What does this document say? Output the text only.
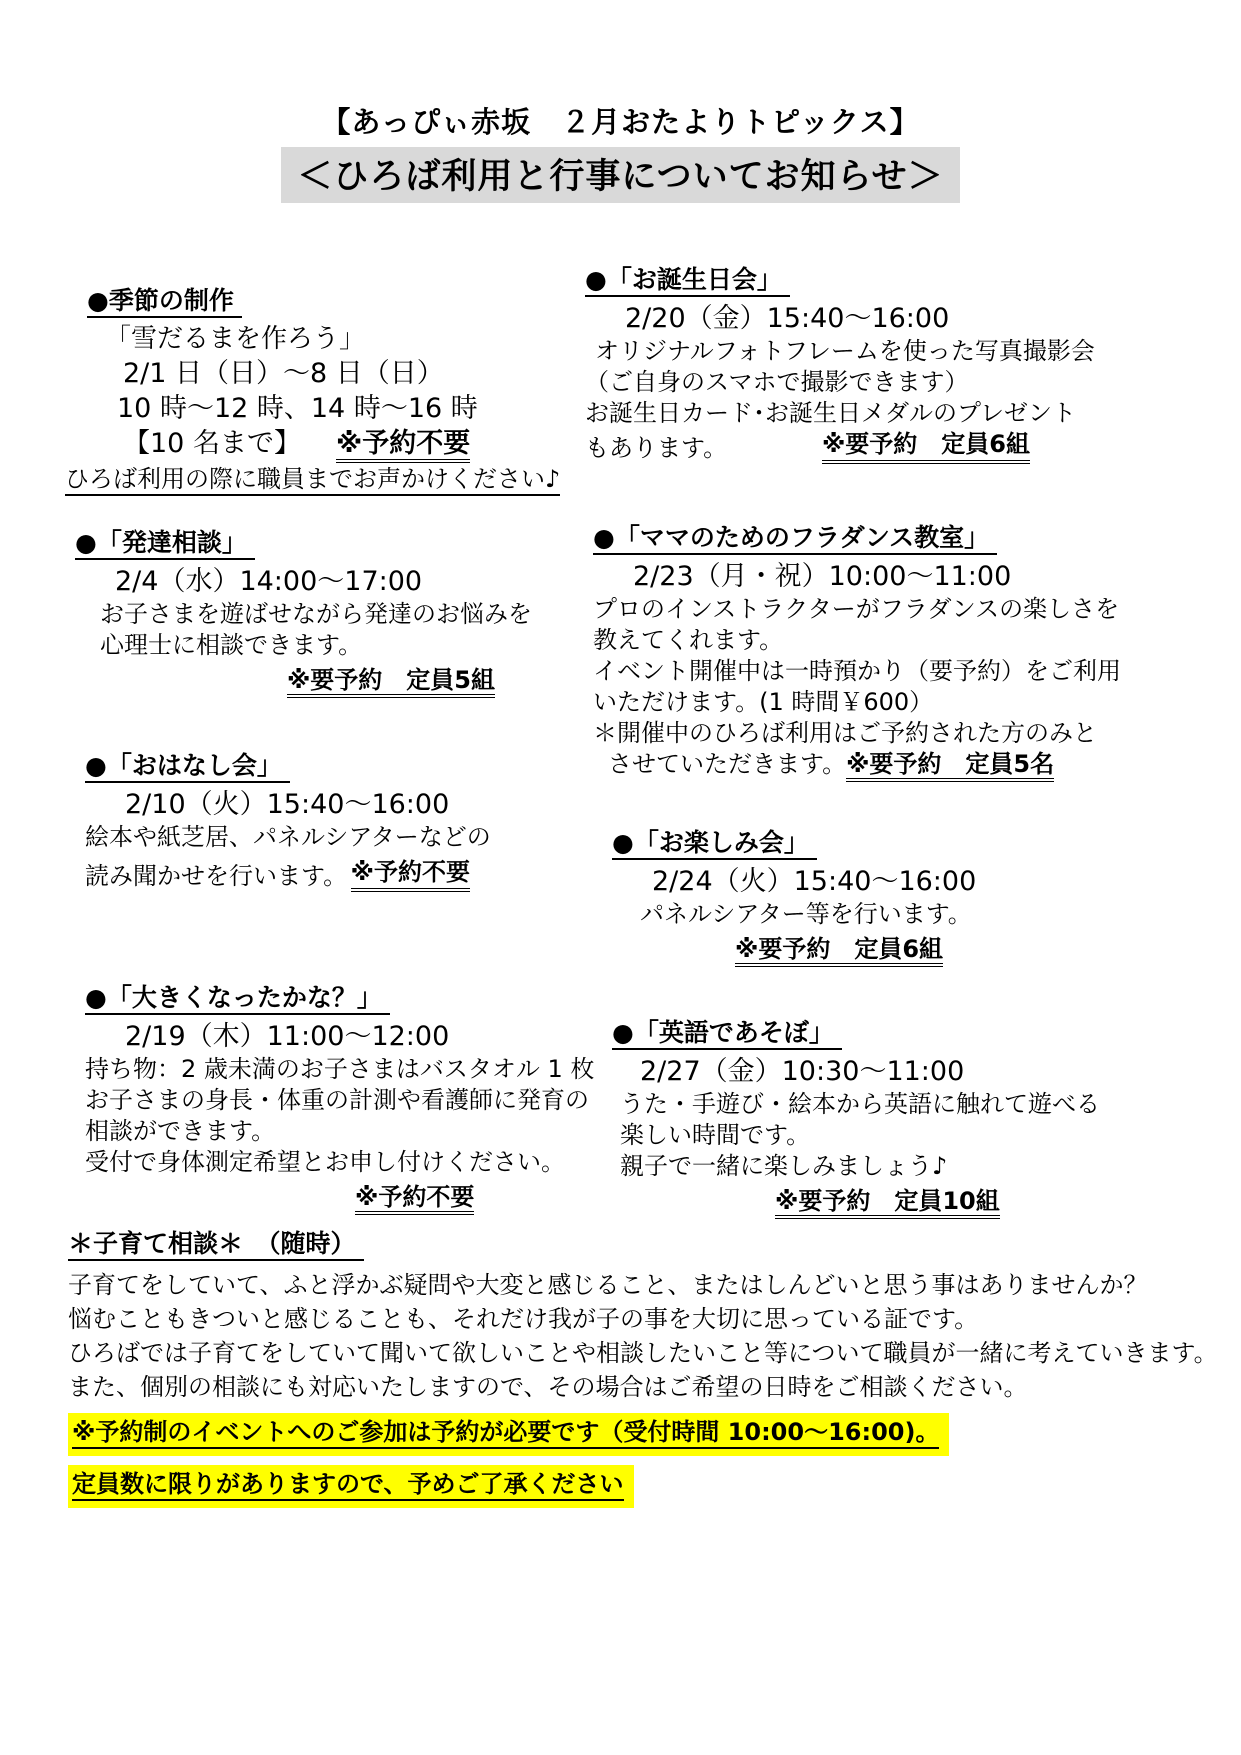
【あっぴぃ赤坂　２月おたよりトピックス】
＜ひろば利用と行事についてお知らせ＞
●季節の制作
「雪だるまを作ろう」
2/1 日（日）～8 日（日）
10 時～12 時、14 時～16 時
【10 名まで】 ※予約不要
ひろば利用の際に職員までお声かけください♪
●「お誕生日会」
2/20（金）15:40～16:00
オリジナルフォトフレームを使った写真撮影会
（ご自身のスマホで撮影できます）
お誕生日カード･お誕生日メダルのプレゼント
もあります。	※要予約　定員6組
●「発達相談」
2/4（水）14:00～17:00
お子さまを遊ばせながら発達のお悩みを
心理士に相談できます。
※要予約　定員5組
●「ママのためのフラダンス教室」
2/23（月・祝）10:00～11:00
プロのインストラクターがフラダンスの楽しさを
教えてくれます。
イベント開催中は一時預かり（要予約）をご利用
いただけます。(1 時間￥600）
＊開催中のひろば利用はご予約された方のみと
させていただきます。※要予約　定員5名
●「おはなし会」
2/10（火）15:40～16:00
絵本や紙芝居、パネルシアターなどの
読み聞かせを行います。 ※予約不要
●「お楽しみ会」
2/24（火）15:40～16:00
パネルシアター等を行います。
※要予約　定員6組
●「大きくなったかな？」
2/19（木）11:00～12:00
持ち物：2 歳未満のお子さまはバスタオル 1 枚
お子さまの身長・体重の計測や看護師に発育の
相談ができます。
受付で身体測定希望とお申し付けください。
※予約不要
●「英語であそぼ」
2/27（金）10:30～11:00
うた・手遊び・絵本から英語に触れて遊べる
楽しい時間です。
親子で一緒に楽しみましょう♪
※要予約　定員10組
＊子育て相談＊　（随時）
子育てをしていて、ふと浮かぶ疑問や大変と感じること、またはしんどいと思う事はありませんか？
悩むこともきついと感じることも、それだけ我が子の事を大切に思っている証です。
ひろばでは子育てをしていて聞いて欲しいことや相談したいこと等について職員が一緒に考えていきます。
また、個別の相談にも対応いたしますので、その場合はご希望の日時をご相談ください。
※予約制のイベントへのご参加は予約が必要です（受付時間 10:00～16:00)。
定員数に限りがありますので、予めご了承ください
